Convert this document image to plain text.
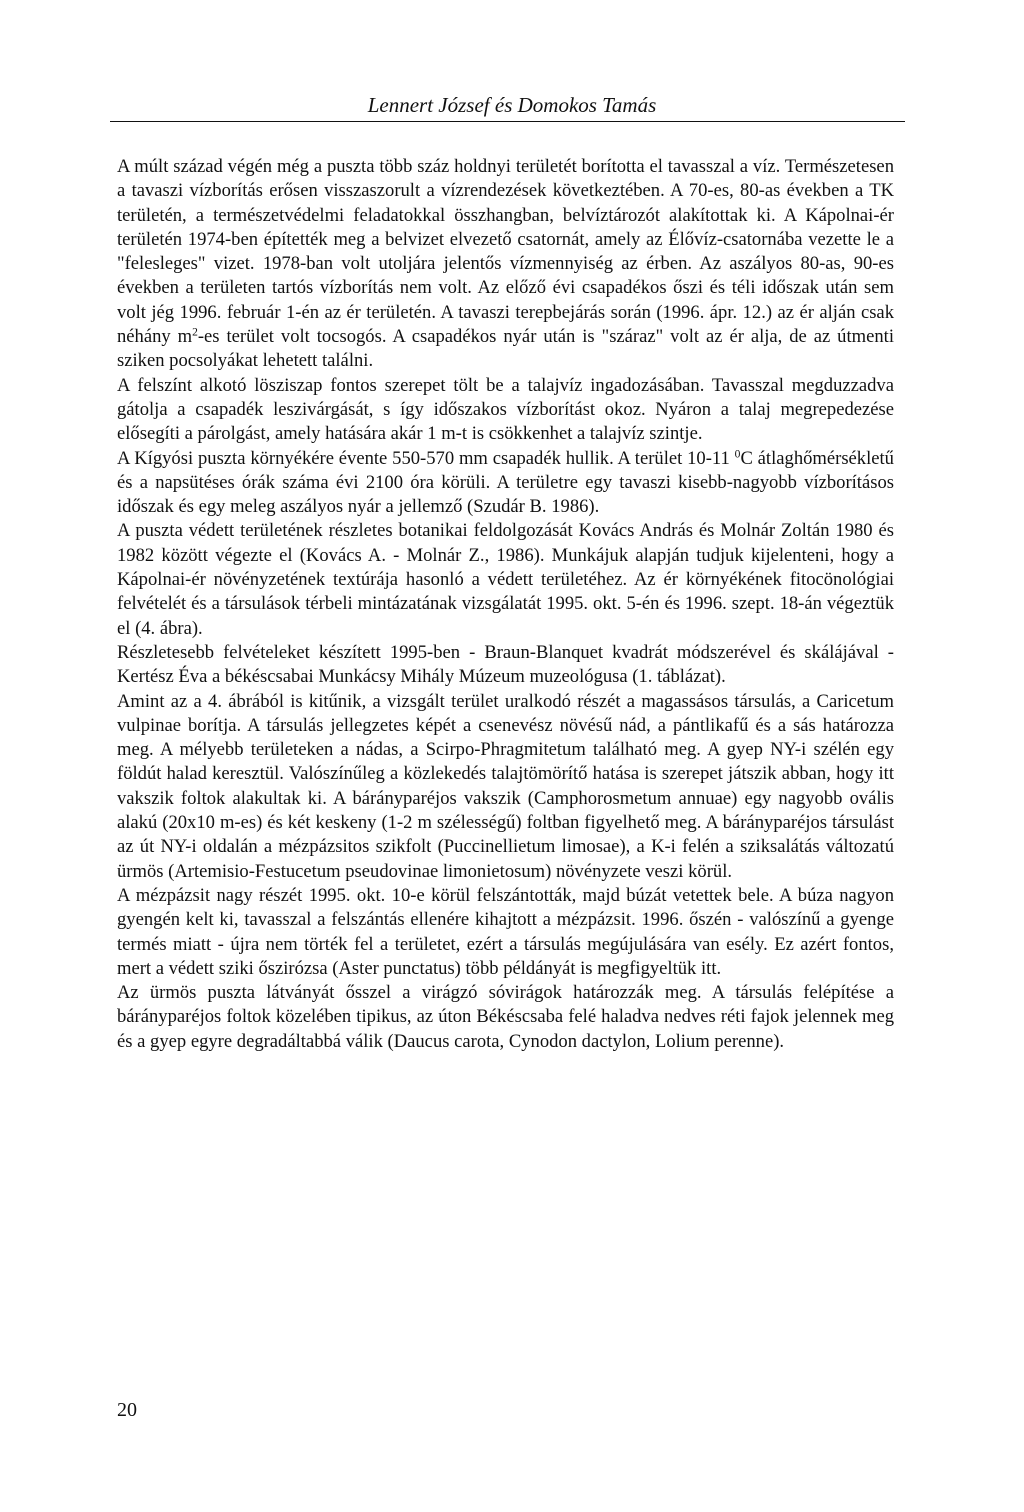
Lennert József és Domokos Tamás

A múlt század végén még a puszta több száz holdnyi területét borította el tavasszal a víz. Természetesen a tavaszi vízborítás erősen visszaszorult a vízrendezések következtében. A 70-es, 80-as években a TK területén, a természetvédelmi feladatokkal összhangban, belvíztározót alakítottak ki. A Kápolnai-ér területén 1974-ben építették meg a belvizet elvezető csatornát, amely az Élővíz-csatornába vezette le a "felesleges" vizet. 1978-ban volt utoljára jelentős vízmennyiség az érben. Az aszályos 80-as, 90-es években a területen tartós vízborítás nem volt. Az előző évi csapadékos őszi és téli időszak után sem volt jég 1996. február 1-én az ér területén. A tavaszi terepbejárás során (1996. ápr. 12.) az ér alján csak néhány $m^2-es$ terület volt tocsogós. A csapadékos nyár után is "száraz" volt az ér alja, de az útmenti sziken pocsolyákat lehetett találni.

A felszínt alkotó lösziszap fontos szerepet tölt be a talajvíz ingadozásában. Tavasszal megduzzadva gátolja a csapadék leszivárgását, s így időszakos vízborítást okoz. Nyáron a talaj megrepedezése elősegíti a párolgást, amely hatására akár 1 m-t is csökkenhet a talajvíz szintje.

A Kígyósi puszta környékére évente 550-570 mm csapadék hullik. A terület 10-11 $^0$C átlaghőmérsékletű és a napsütéses órák száma évi 2100 óra körüli. A területre egy tavaszi kisebb-nagyobb vízborításos időszak és egy meleg aszályos nyár a jellemző (Szudár B. 1986).

A puszta védett területének részletes botanikai feldolgozását Kovács András és Molnár Zoltán 1980 és 1982 között végezte el (Kovács A. - Molnár Z., 1986). Munkájuk alapján tudjuk kijelenteni, hogy a Kápolnai-ér növényzetének textúrája hasonló a védett területéhez. Az ér környékének fitocönológiai felvételét és a társulások térbeli mintázatának vizsgálatát 1995. okt. 5-én és 1996. szept. 18-án végeztük el (4. ábra).

Részletesebb felvételeket készített 1995-ben - Braun-Blanquet kvadrát módszerével és skálájával - Kertész Éva a békéscsabai Munkácsy Mihály Múzeum muzeológusa (1. táblázat).

Amint az a 4. ábrából is kitűnik, a vizsgált terület uralkodó részét a magassásos társulás, a Caricetum vulpinae borítja. A társulás jellegzetes képét a csenevész növésű nád, a pántlikafű és a sás határozza meg. A mélyebb területeken a nádas, a Scirpo-Phragmitetum található meg. A gyep NY-i szélén egy földút halad keresztül. Valószínűleg a közlekedés talajtömörítő hatása is szerepet játszik abban, hogy itt vakszik foltok alakultak ki. A bárányparéjos vakszik (Camphorosmetum annuae) egy nagyobb ovális alakú (20x10 m-es) és két keskeny (1-2 m szélességű) foltban figyelhető meg. A bárányparéjos társulást az út NY-i oldalán a mézpázsitos szikfolt (Puccinellietum limosae), a K-i felén a sziksalátás változatú ürmös (Artemisio-Festucetum pseudovinae limonietosum) növényzete veszi körül.

A mézpázsit nagy részét 1995. okt. 10-e körül felszántották, majd búzát vetettek bele. A búza nagyon gyengén kelt ki, tavasszal a felszántás ellenére kihajtott a mézpázsit. 1996. őszén - valószínű a gyenge termés miatt - újra nem törték fel a területet, ezért a társulás megújulására van esély. Ez azért fontos, mert a védett sziki őszirózsa (Aster punctatus) több példányát is megfigyeltük itt.

Az ürmös puszta látványát ősszel a virágzó sóvirágok határozzák meg. A társulás felépítése a bárányparéjos foltok közelében tipikus, az úton Békéscsaba felé haladva nedves réti fajok jelennek meg és a gyep egyre degradáltabbá válik (Daucus carota, Cynodon dactylon, Lolium perenne).

20
